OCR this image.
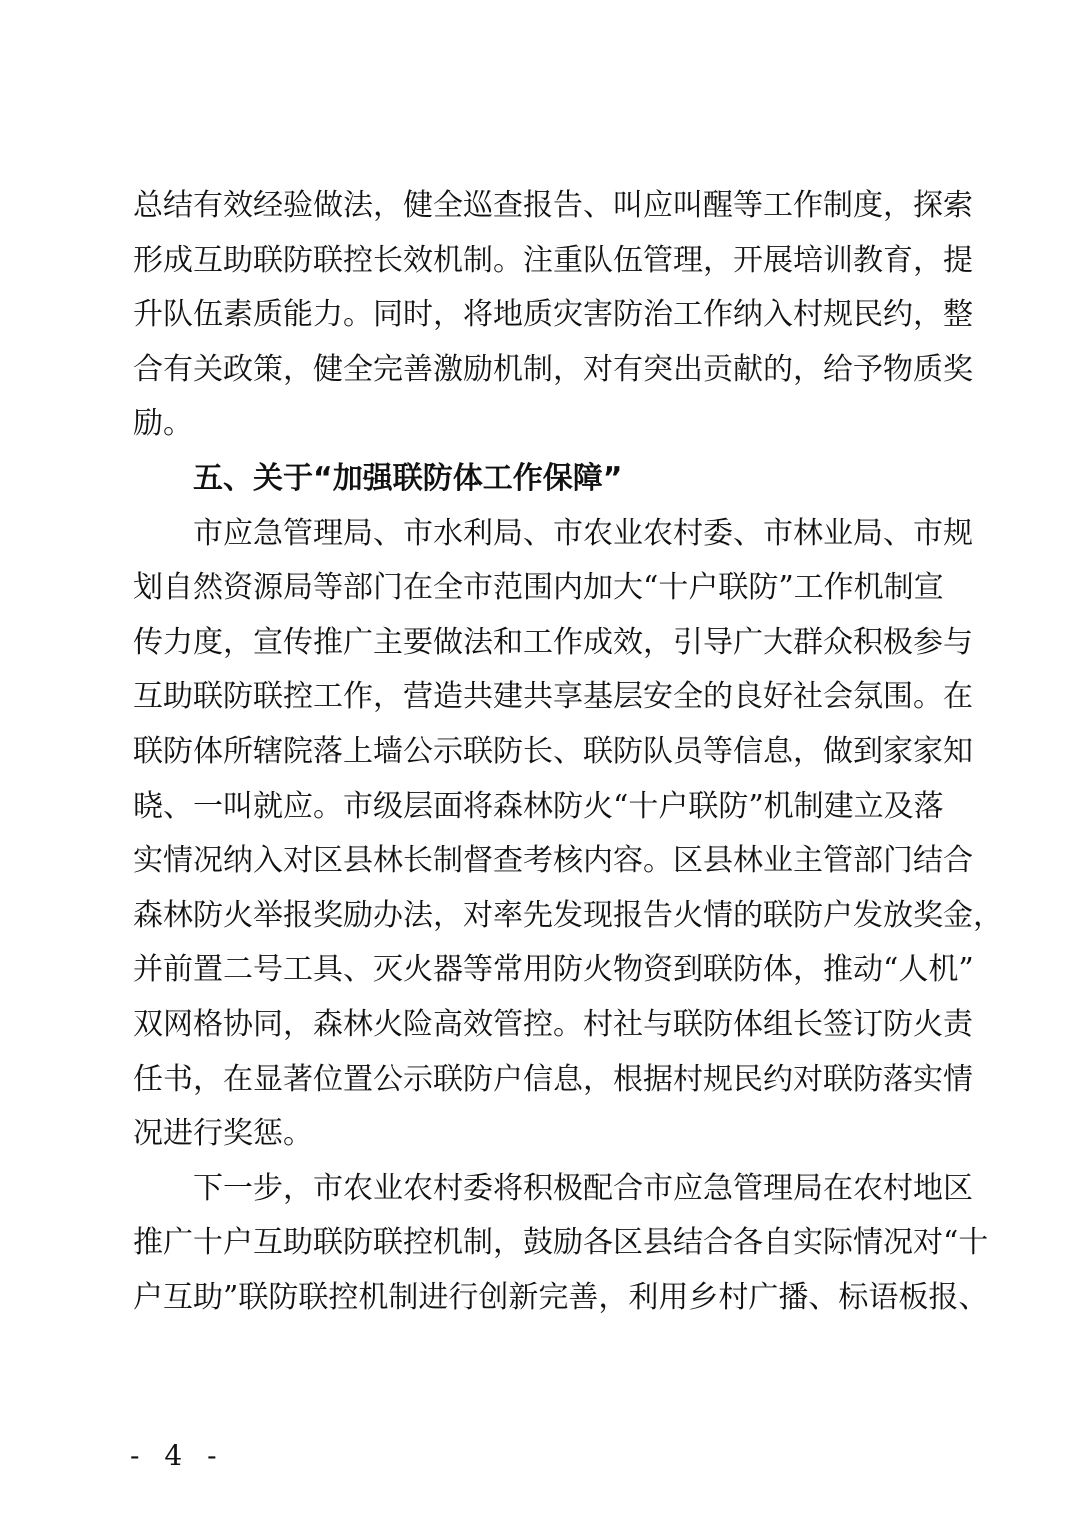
总结有效经验做法，健全巡查报告、叫应叫醒等工作制度，探索
形成互助联防联控长效机制。注重队伍管理，开展培训教育，提
升队伍素质能力。同时，将地质灾害防治工作纳入村规民约，整
合有关政策，健全完善激励机制，对有突出贡献的，给予物质奖
励。
五、关于“加强联防体工作保障”
市应急管理局、市水利局、市农业农村委、市林业局、市规
划自然资源局等部门在全市范围内加大“十户联防”工作机制宣
传力度，宣传推广主要做法和工作成效，引导广大群众积极参与
互助联防联控工作，营造共建共享基层安全的良好社会氛围。在
联防体所辖院落上墙公示联防长、联防队员等信息，做到家家知
晓、一叫就应。市级层面将森林防火“十户联防”机制建立及落
实情况纳入对区县林长制督查考核内容。区县林业主管部门结合
森林防火举报奖励办法，对率先发现报告火情的联防户发放奖金，
并前置二号工具、灭火器等常用防火物资到联防体，推动“人机”
双网格协同，森林火险高效管控。村社与联防体组长签订防火责
任书，在显著位置公示联防户信息，根据村规民约对联防落实情
况进行奖惩。
下一步，市农业农村委将积极配合市应急管理局在农村地区
推广十户互助联防联控机制，鼓励各区县结合各自实际情况对“十
户互助”联防联控机制进行创新完善，利用乡村广播、标语板报、
- 4 -
